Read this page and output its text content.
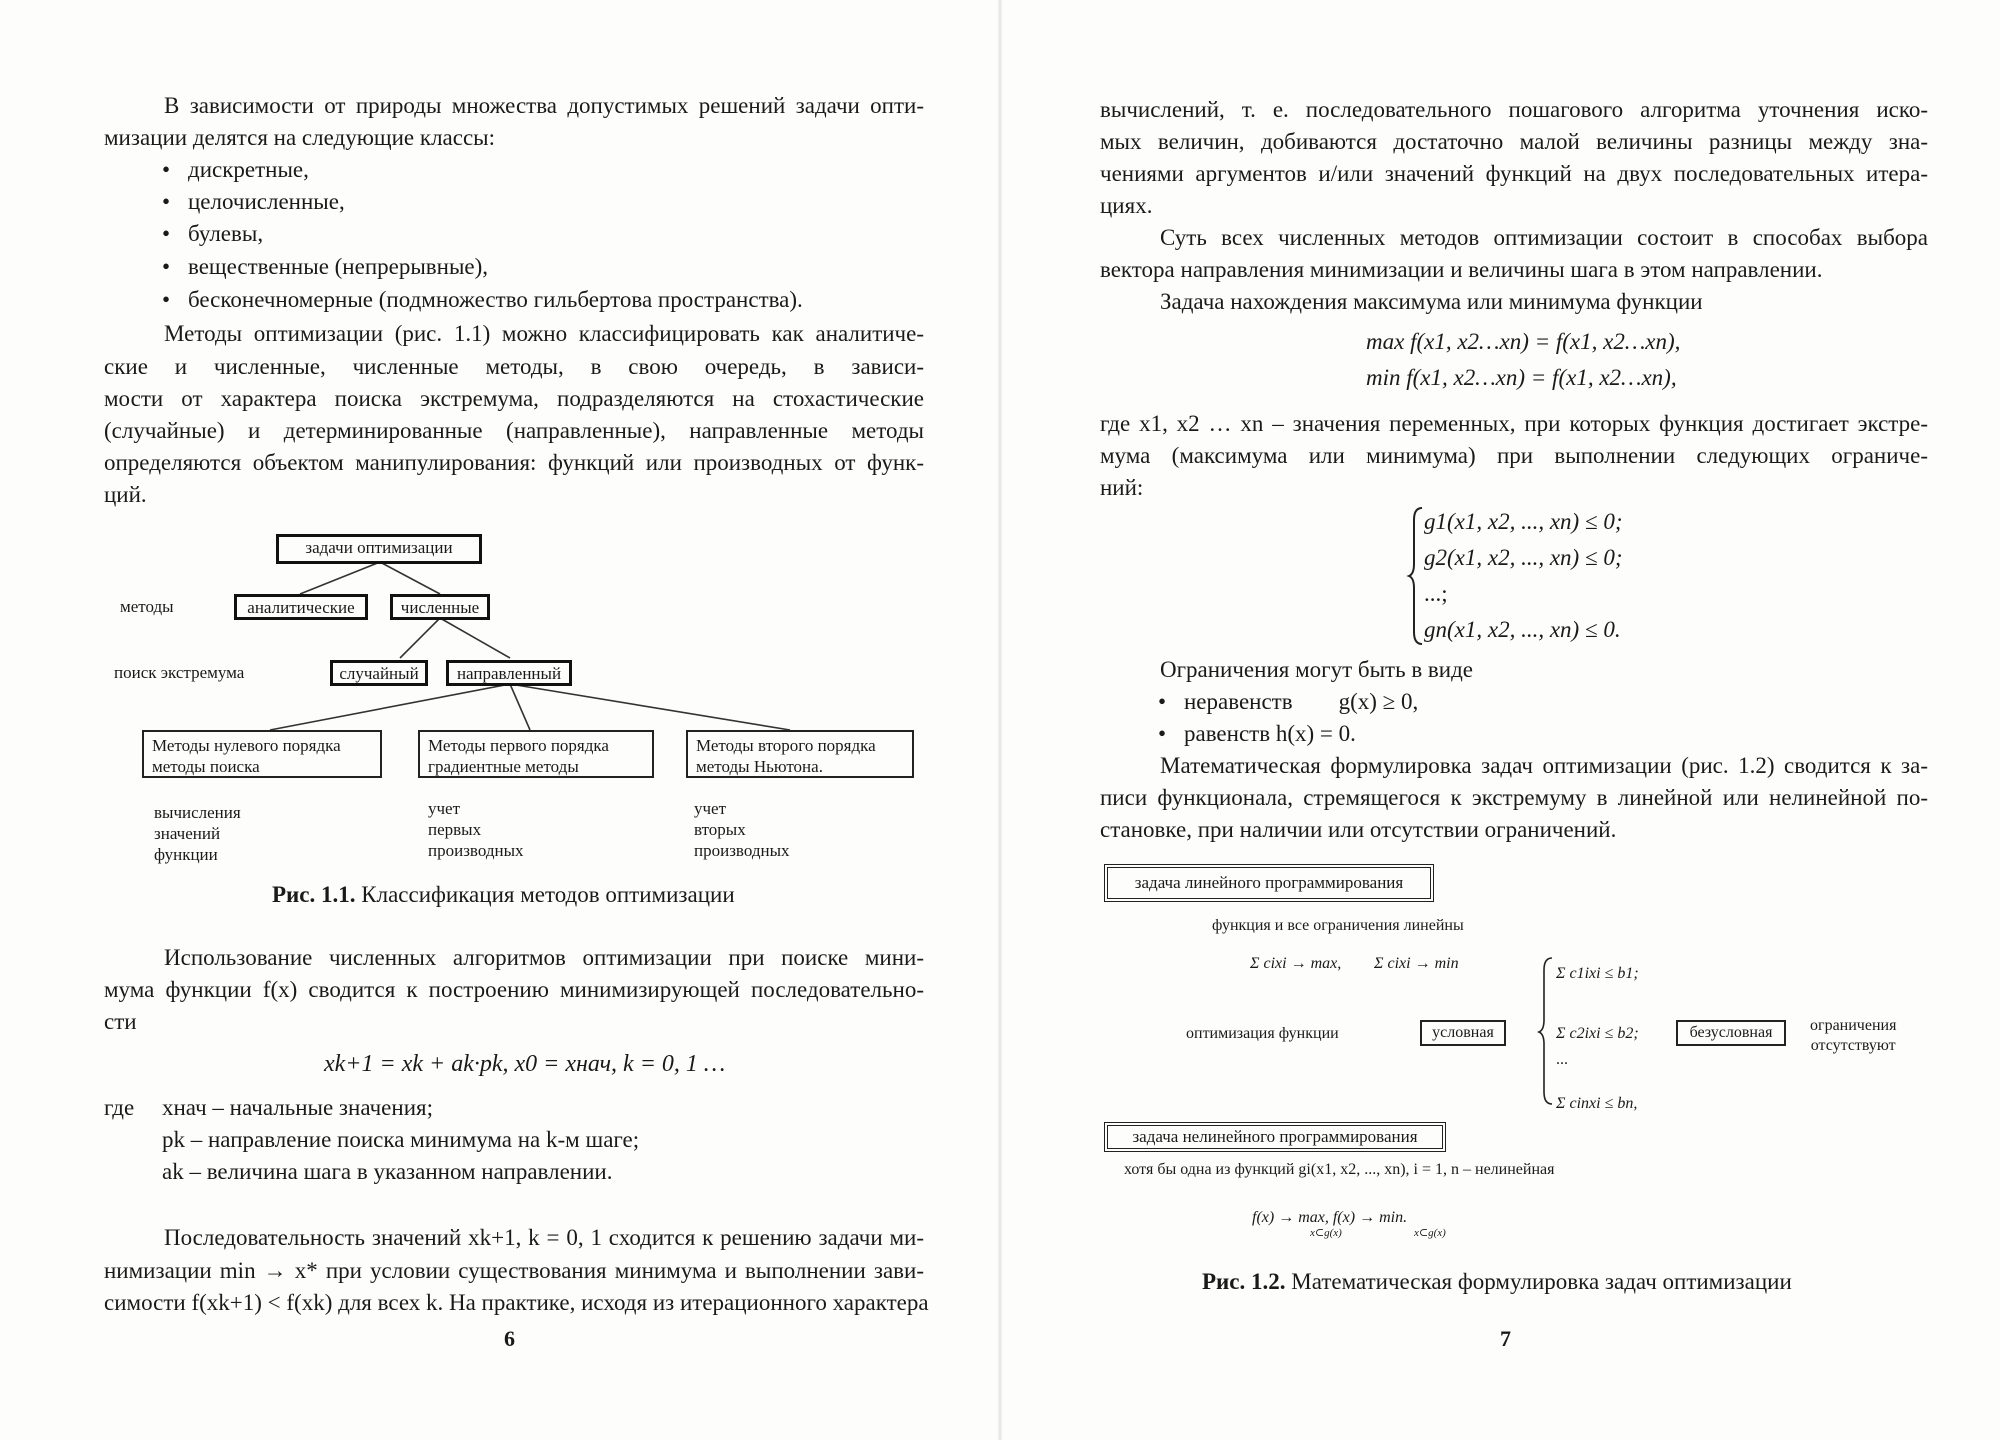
В зависимости от природы множества допустимых решений задачи опти-
мизации делятся на следующие классы:
• дискретные,
• целочисленные,
• булевы,
• вещественные (непрерывные),
• бесконечномерные (подмножество гильбертова пространства).
Методы оптимизации (рис. 1.1) можно классифицировать как аналитиче-
ские и численные, численные методы, в свою очередь, в зависи-
мости от характера поиска экстремума, подразделяются на стохастические
(случайные) и детерминированные (направленные), направленные методы
определяются объектом манипулирования: функций или производных от функ-
ций.
задачи оптимизации
методы	аналитические	численные
поиск экстремума	случайный	направленный
Методы нулевого порядка
методы поиска
Методы первого порядка
градиентные методы
Методы второго порядка
методы Ньютона.
вычисления
значений
функции
учет
первых
производных
учет
вторых
производных
Рис. 1.1. Классификация методов оптимизации
Использование численных алгоритмов оптимизации при поиске мини-
мума функции f(x) сводится к построению минимизирующей последовательно-
сти
xk+1 = xk + ak·pk, x0 = xнач, k = 0, 1 …
где xнач – начальные значения;
pk – направление поиска минимума на k-м шаге;
ak – величина шага в указанном направлении.
Последовательность значений xk+1, k = 0, 1 сходится к решению задачи ми-
нимизации min → x* при условии существования минимума и выполнении зави-
симости f(xk+1) < f(xk) для всех k. На практике, исходя из итерационного характера
6
вычислений, т. е. последовательного пошагового алгоритма уточнения иско-
мых величин, добиваются достаточно малой величины разницы между зна-
чениями аргументов и/или значений функций на двух последовательных итера-
циях.
Суть всех численных методов оптимизации состоит в способах выбора
вектора направления минимизации и величины шага в этом направлении.
Задача нахождения максимума или минимума функции
max f(x1, x2…xn) = f(x1, x2…xn),
min f(x1, x2…xn) = f(x1, x2…xn),
где x1, x2 … xn – значения переменных, при которых функция достигает экстре-
мума (максимума или минимума) при выполнении следующих ограниче-
ний:
g1(x1, x2, ..., xn) ≤ 0;
g2(x1, x2, ..., xn) ≤ 0;
...;
gn(x1, x2, ..., xn) ≤ 0.
Ограничения могут быть в виде
• неравенств        g(x) ≥ 0,
• равенств h(x) = 0.
Математическая формулировка задач оптимизации (рис. 1.2) сводится к за-
писи функционала, стремящегося к экстремуму в линейной или нелинейной по-
становке, при наличии или отсутствии ограничений.
задача линейного программирования
функция и все ограничения линейны
Σ cixi → max, Σ cixi → min
оптимизация функции	условная
Σ c1ixi ≤ b1;
Σ c2ixi ≤ b2;
...
Σ cinxi ≤ bn,
безусловная	ограничения
отсутствуют
задача нелинейного программирования
хотя бы одна из функций gi(x1, x2, ..., xn), i = 1, n – нелинейная
f(x) → max, f(x) → min.
x⊂g(x)	x⊂g(x)
Рис. 1.2. Математическая формулировка задач оптимизации
7
